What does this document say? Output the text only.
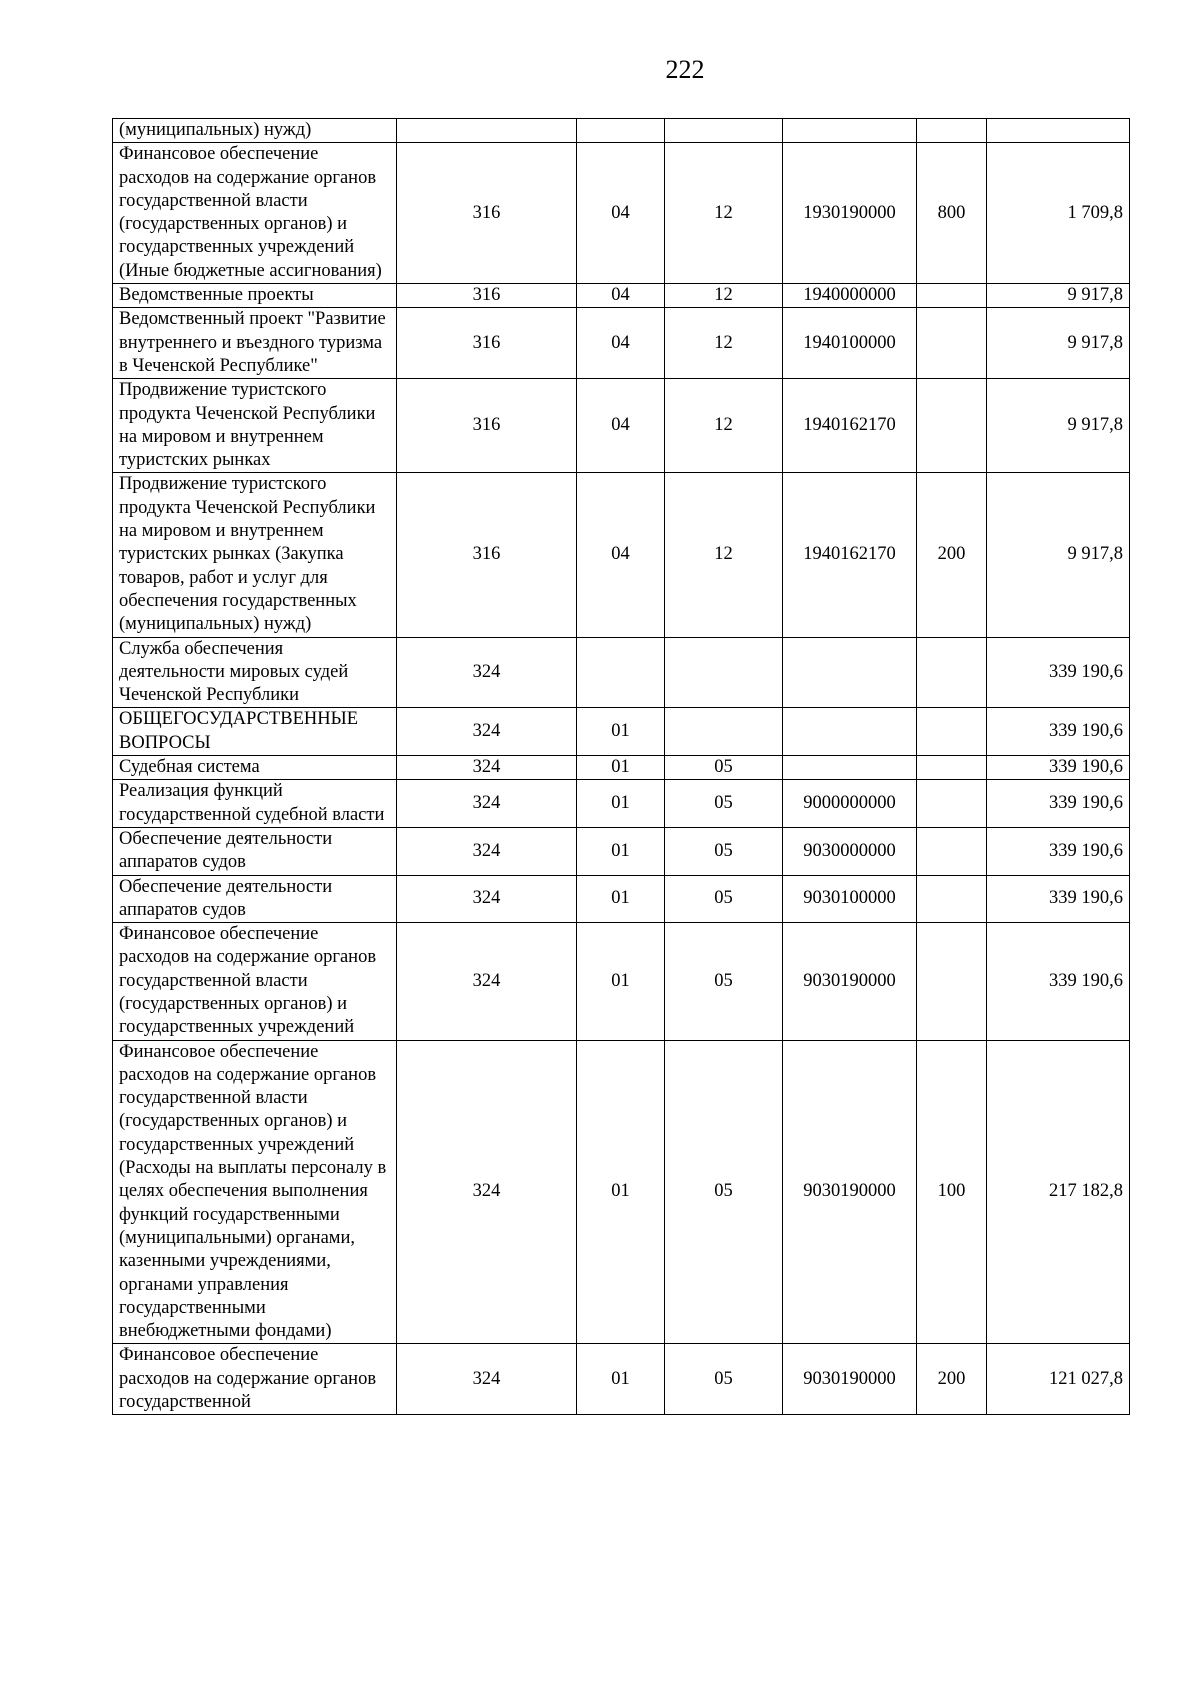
222
(муниципальных) нужд)						
Финансовое обеспечение расходов на содержание органов государственной власти (государственных органов) и государственных учреждений (Иные бюджетные ассигнования)	316	04	12	1930190000	800	1 709,8
Ведомственные проекты	316	04	12	1940000000		9 917,8
Ведомственный проект "Развитие внутреннего и въездного туризма в Чеченской Республике"	316	04	12	1940100000		9 917,8
Продвижение туристского продукта Чеченской Республики на мировом и внутреннем туристских рынках	316	04	12	1940162170		9 917,8
Продвижение туристского продукта Чеченской Республики на мировом и внутреннем туристских рынках (Закупка товаров, работ и услуг для обеспечения государственных (муниципальных) нужд)	316	04	12	1940162170	200	9 917,8
Служба обеспечения деятельности мировых судей Чеченской Республики	324					339 190,6
ОБЩЕГОСУДАРСТВЕННЫЕ ВОПРОСЫ	324	01				339 190,6
Судебная система	324	01	05			339 190,6
Реализация функций государственной судебной власти	324	01	05	9000000000		339 190,6
Обеспечение деятельности аппаратов судов	324	01	05	9030000000		339 190,6
Обеспечение деятельности аппаратов судов	324	01	05	9030100000		339 190,6
Финансовое обеспечение расходов на содержание органов государственной власти (государственных органов) и государственных учреждений	324	01	05	9030190000		339 190,6
Финансовое обеспечение расходов на содержание органов государственной власти (государственных органов) и государственных учреждений (Расходы на выплаты персоналу в целях обеспечения выполнения функций государственными (муниципальными) органами, казенными учреждениями, органами управления государственными внебюджетными фондами)	324	01	05	9030190000	100	217 182,8
Финансовое обеспечение расходов на содержание органов государственной	324	01	05	9030190000	200	121 027,8
